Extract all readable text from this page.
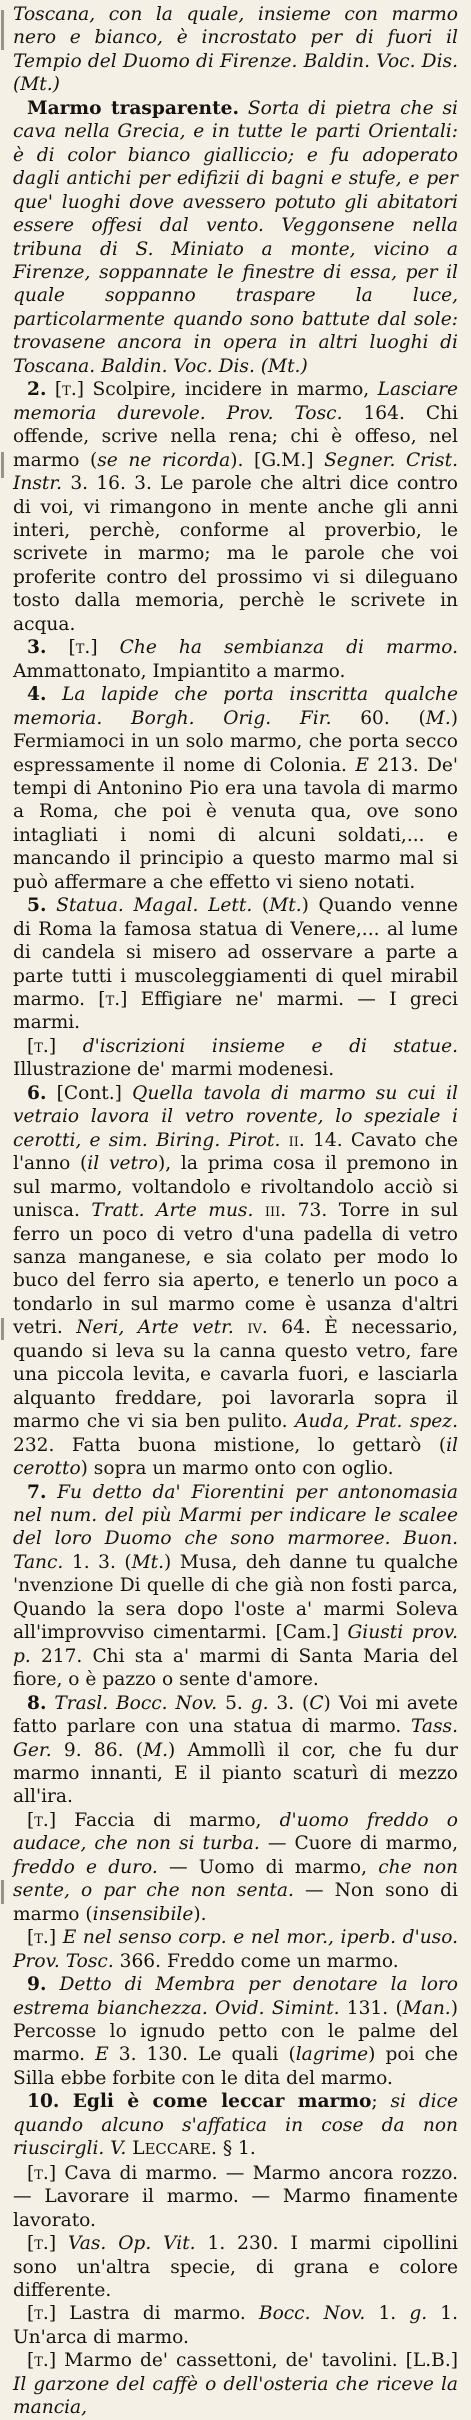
Toscana, con la quale, insieme con marmo nero e bianco, è incrostato per di fuori il Tempio del Duomo di Firenze. Baldin. Voc. Dis. (Mt.)

Marmo trasparente. Sorta di pietra che si cava nella Grecia, e in tutte le parti Orientali: è di color bianco gialliccio; e fu adoperato dagli antichi per edifizii di bagni e stufe, e per que' luoghi dove avessero potuto gli abitatori essere offesi dal vento. Veggonsene nella tribuna di S. Miniato a monte, vicino a Firenze, soppannate le finestre di essa, per il quale soppanno traspare la luce, particolarmente quando sono battute dal sole: trovasene ancora in opera in altri luoghi di Toscana. Baldin. Voc. Dis. (Mt.)

2. [t.] Scolpire, incidere in marmo, Lasciare memoria durevole. Prov. Tosc. 164. Chi offende, scrive nella rena; chi è offeso, nel marmo (se ne ricorda). [G.M.] Segner. Crist. Instr. 3. 16. 3. Le parole che altri dice contro di voi, vi rimangono in mente anche gli anni interi, perchè, conforme al proverbio, le scrivete in marmo; ma le parole che voi proferite contro del prossimo vi si dileguano tosto dalla memoria, perchè le scrivete in acqua.

3. [t.] Che ha sembianza di marmo. Ammattonato, Impiantito a marmo.

4. La lapide che porta inscritta qualche memoria. Borgh. Orig. Fir. 60. (M.) Fermiamoci in un solo marmo, che porta secco espressamente il nome di Colonia. E 213. De' tempi di Antonino Pio era una tavola di marmo a Roma, che poi è venuta qua, ove sono intagliati i nomi di alcuni soldati,... e mancando il principio a questo marmo mal si può affermare a che effetto vi sieno notati.

5. Statua. Magal. Lett. (Mt.) Quando venne di Roma la famosa statua di Venere,... al lume di candela si misero ad osservare a parte a parte tutti i muscoleggiamenti di quel mirabil marmo. [t.] Effigiare ne' marmi. — I greci marmi.

[t.] d'iscrizioni insieme e di statue. Illustrazione de' marmi modenesi.

6. [Cont.] Quella tavola di marmo su cui il vetraio lavora il vetro rovente, lo speziale i cerotti, e sim. Biring. Pirot. ii. 14. Cavato che l'anno (il vetro), la prima cosa il premono in sul marmo, voltandolo e rivoltandolo acciò si unisca. Tratt. Arte mus. iii. 73. Torre in sul ferro un poco di vetro d'una padella di vetro sanza manganese, e sia colato per modo lo buco del ferro sia aperto, e tenerlo un poco a tondarlo in sul marmo come è usanza d'altri vetri. Neri, Arte vetr. iv. 64. È necessario, quando si leva su la canna questo vetro, fare una piccola levita, e cavarla fuori, e lasciarla alquanto freddare, poi lavorarla sopra il marmo che vi sia ben pulito. Auda, Prat. spez. 232. Fatta buona mistione, lo gettarò (il cerotto) sopra un marmo onto con oglio.

7. Fu detto da' Fiorentini per antonomasia nel num. del più Marmi per indicare le scalee del loro Duomo che sono marmoree. Buon. Tanc. 1. 3. (Mt.) Musa, deh danne tu qualche 'nvenzione Di quelle di che già non fosti parca, Quando la sera dopo l'oste a' marmi Soleva all'improvviso cimentarmi. [Cam.] Giusti prov. p. 217. Chi sta a' marmi di Santa Maria del fiore, o è pazzo o sente d'amore.

8. Trasl. Bocc. Nov. 5. g. 3. (C) Voi mi avete fatto parlare con una statua di marmo. Tass. Ger. 9. 86. (M.) Ammollì il cor, che fu dur marmo innanti, E il pianto scaturì di mezzo all'ira.

[t.] Faccia di marmo, d'uomo freddo o audace, che non si turba. — Cuore di marmo, freddo e duro. — Uomo di marmo, che non sente, o par che non senta. — Non sono di marmo (insensibile).

[t.] E nel senso corp. e nel mor., iperb. d'uso. Prov. Tosc. 366. Freddo come un marmo.

9. Detto di Membra per denotare la loro estrema bianchezza. Ovid. Simint. 131. (Man.) Percosse lo ignudo petto con le palme del marmo. E 3. 130. Le quali (lagrime) poi che Silla ebbe forbite con le dita del marmo.

10. Egli è come leccar marmo; si dice quando alcuno s'affatica in cose da non riuscirgli. V. LECCARE. § 1.

[t.] Cava di marmo. — Marmo ancora rozzo. — Lavorare il marmo. — Marmo finamente lavorato.

[t.] Vas. Op. Vit. 1. 230. I marmi cipollini sono un'altra specie, di grana e colore differente.

[t.] Lastra di marmo. Bocc. Nov. 1. g. 1. Un'arca di marmo.

[t.] Marmo de' cassettoni, de' tavolini. [L.B.] Il garzone del caffè o dell'osteria che riceve la mancia,
